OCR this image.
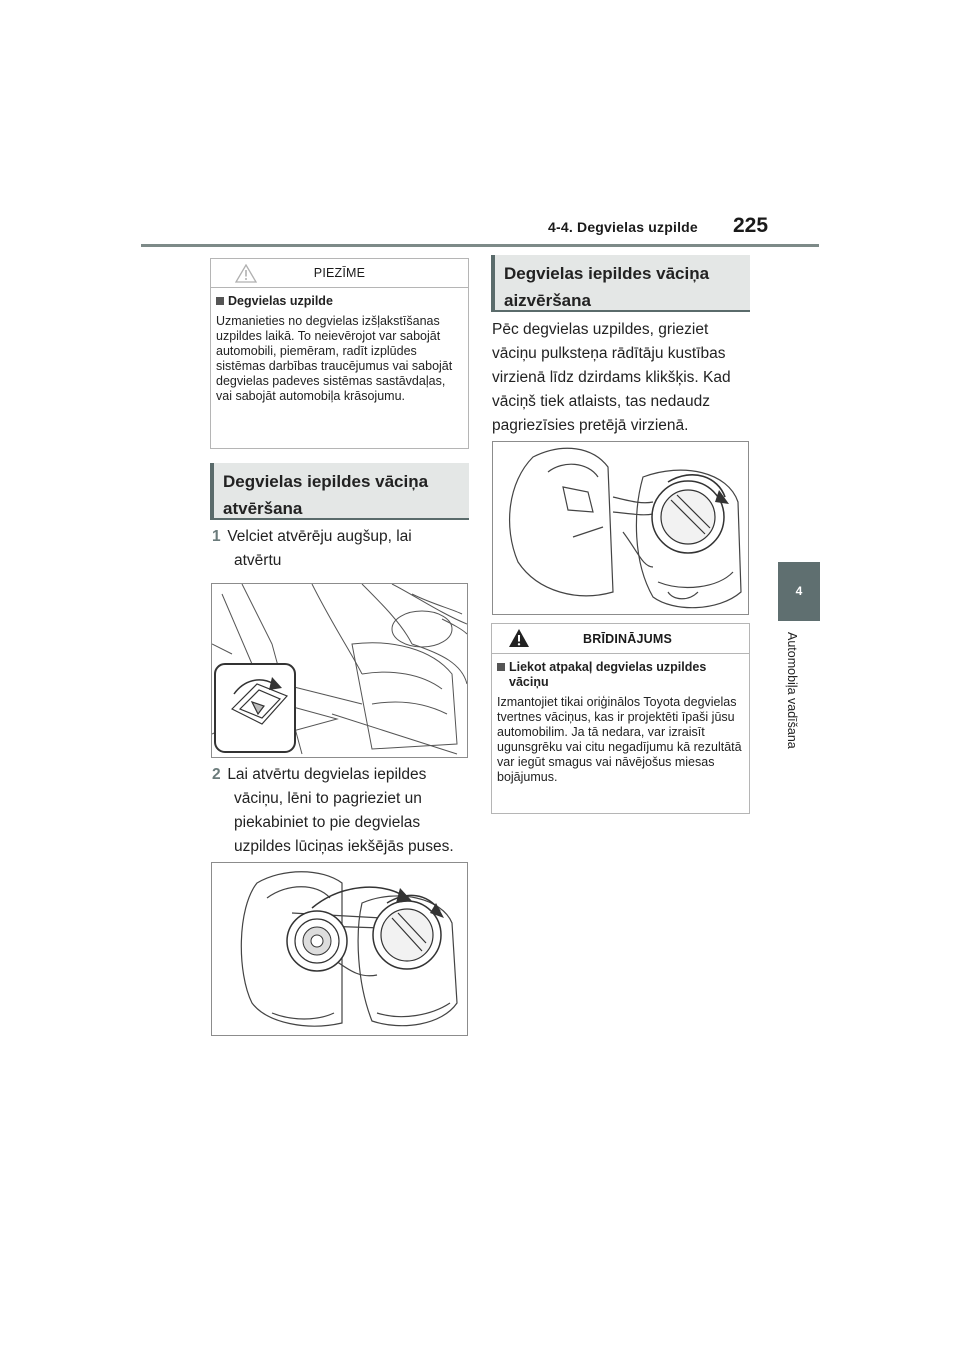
4-4. Degvielas uzpilde 225
4
Automobiļa vadīšana
PIEZĪME
Degvielas uzpilde

Uzmanieties no degvielas izšļakstīšanas uzpildes laikā. To neievērojot var sabojāt automobili, piemēram, radīt izplūdes sistēmas darbības traucējumus vai sabojāt degvielas padeves sistēmas sastāvdaļas, vai sabojāt automobiļa krāsojumu.

Degvielas iepildes vāciņa
atvēršana
1 Velciet atvērēju augšup, lai
atvērtu
2 Lai atvērtu degvielas iepildes
vāciņu, lēni to pagrieziet un
piekabiniet to pie degvielas
uzpildes lūciņas iekšējās puses.
Degvielas iepildes vāciņa
aizvēršana
Pēc degvielas uzpildes, grieziet
vāciņu pulksteņa rādītāju kustības
virzienā līdz dzirdams klikšķis. Kad
vāciņš tiek atlaists, tas nedaudz
pagriezīsies pretējā virzienā.
BRĪDINĀJUMS
Liekot atpakaļ degvielas uzpildes
vāciņu

Izmantojiet tikai oriģinālos Toyota degvielas tvertnes vāciņus, kas ir projektēti īpaši jūsu automobilim. Ja tā nedara, var izraisīt ugunsgrēku vai citu negadījumu kā rezultātā var iegūt smagus vai nāvējošus miesas bojājumus.
